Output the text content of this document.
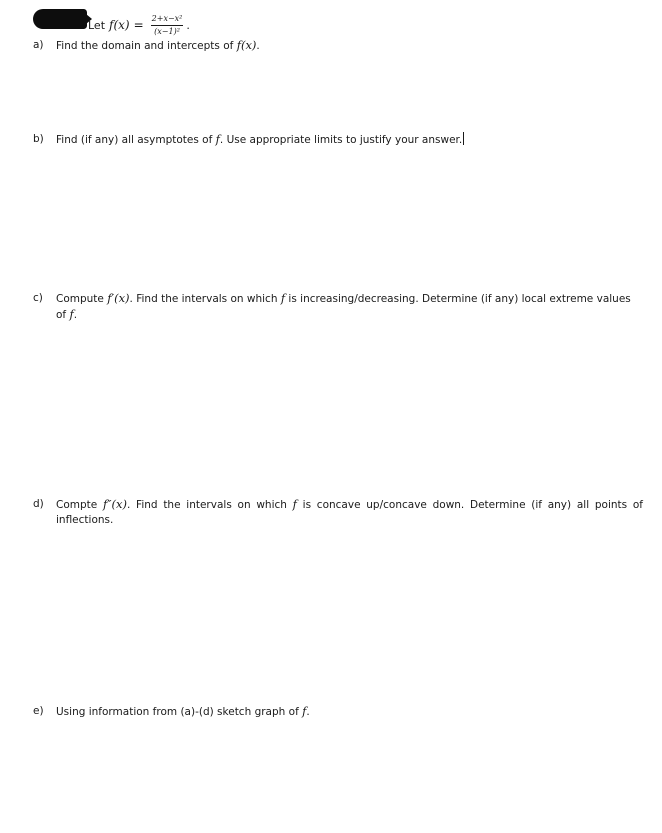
Let $f(x) = \frac{\text{2+x−x²}}{\text{(x−1)²}}$ .
a)	Find the domain and intercepts of f(x).
b)	Find (if any) all asymptotes of f. Use appropriate limits to justify your answer.
c)	Compute f′(x). Find the intervals on which f is increasing/decreasing. Determine (if any) local extreme values of f.
d)	Compte f″(x). Find the intervals on which f is concave up/concave down. Determine (if any) all points of inflections.
e)	Using information from (a)-(d) sketch graph of f.
